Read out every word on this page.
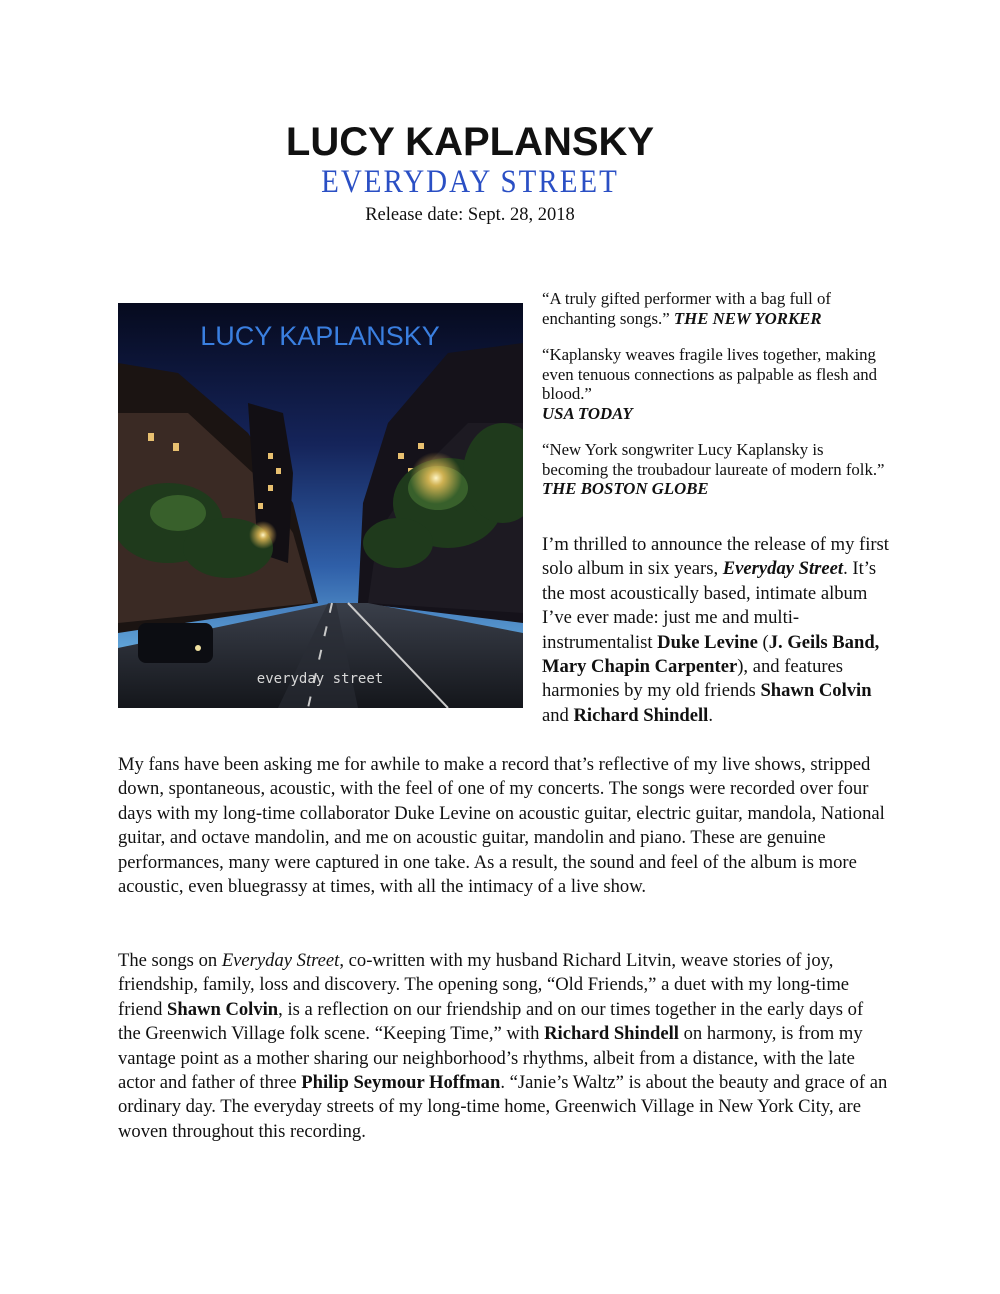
LUCY KAPLANSKY
EVERYDAY STREET
Release date: Sept. 28, 2018
LUCY KAPLANSKY
everyday street

“A truly gifted performer with a bag full of enchanting songs.” THE NEW YORKER

“Kaplansky weaves fragile lives together, making even tenuous connections as palpable as flesh and blood.”
USA TODAY

“New York songwriter Lucy Kaplansky is becoming the troubadour laureate of modern folk.” THE BOSTON GLOBE

I’m thrilled to announce the release of my first solo album in six years, Everyday Street. It’s the most acoustically based, intimate album I’ve ever made: just me and multi-instrumentalist Duke Levine (J. Geils Band, Mary Chapin Carpenter), and features harmonies by my old friends Shawn Colvin and Richard Shindell.

My fans have been asking me for awhile to make a record that’s reflective of my live shows, stripped down, spontaneous, acoustic, with the feel of one of my concerts. The songs were recorded over four days with my long-time collaborator Duke Levine on acoustic guitar, electric guitar, mandola, National guitar, and octave mandolin, and me on acoustic guitar, mandolin and piano. These are genuine performances, many were captured in one take. As a result, the sound and feel of the album is more acoustic, even bluegrassy at times, with all the intimacy of a live show.

The songs on Everyday Street, co-written with my husband Richard Litvin, weave stories of joy, friendship, family, loss and discovery. The opening song, “Old Friends,” a duet with my long-time friend Shawn Colvin, is a reflection on our friendship and on our times together in the early days of the Greenwich Village folk scene. “Keeping Time,” with Richard Shindell on harmony, is from my vantage point as a mother sharing our neighborhood’s rhythms, albeit from a distance, with the late actor and father of three Philip Seymour Hoffman. “Janie’s Waltz” is about the beauty and grace of an ordinary day. The everyday streets of my long-time home, Greenwich Village in New York City, are woven throughout this recording.
